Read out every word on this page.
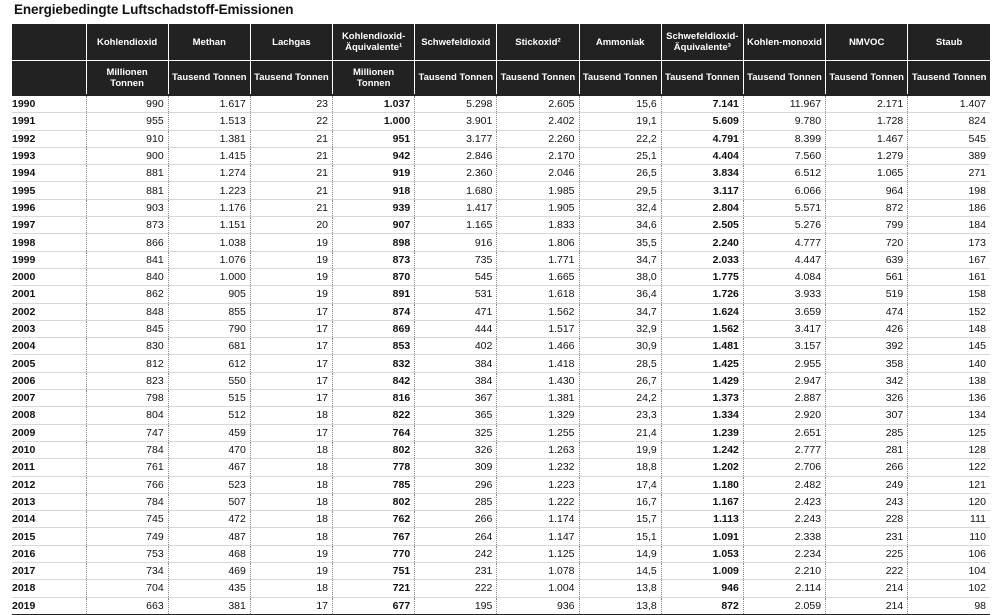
Energiebedingte Luftschadstoff-Emissionen
	Kohlendioxid	Methan	Lachgas	Kohlendioxid-Äquivalente¹	Schwefeldioxid	Stickoxid²	Ammoniak	Schwefeldioxid-Äquivalente³	Kohlen-monoxid	NMVOC	Staub
	Millionen Tonnen	Tausend Tonnen	Tausend Tonnen	Millionen Tonnen	Tausend Tonnen	Tausend Tonnen	Tausend Tonnen	Tausend Tonnen	Tausend Tonnen	Tausend Tonnen	Tausend Tonnen
1990	990	1.617	23	1.037	5.298	2.605	15,6	7.141	11.967	2.171	1.407
1991	955	1.513	22	1.000	3.901	2.402	19,1	5.609	9.780	1.728	824
1992	910	1.381	21	951	3.177	2.260	22,2	4.791	8.399	1.467	545
1993	900	1.415	21	942	2.846	2.170	25,1	4.404	7.560	1.279	389
1994	881	1.274	21	919	2.360	2.046	26,5	3.834	6.512	1.065	271
1995	881	1.223	21	918	1.680	1.985	29,5	3.117	6.066	964	198
1996	903	1.176	21	939	1.417	1.905	32,4	2.804	5.571	872	186
1997	873	1.151	20	907	1.165	1.833	34,6	2.505	5.276	799	184
1998	866	1.038	19	898	916	1.806	35,5	2.240	4.777	720	173
1999	841	1.076	19	873	735	1.771	34,7	2.033	4.447	639	167
2000	840	1.000	19	870	545	1.665	38,0	1.775	4.084	561	161
2001	862	905	19	891	531	1.618	36,4	1.726	3.933	519	158
2002	848	855	17	874	471	1.562	34,7	1.624	3.659	474	152
2003	845	790	17	869	444	1.517	32,9	1.562	3.417	426	148
2004	830	681	17	853	402	1.466	30,9	1.481	3.157	392	145
2005	812	612	17	832	384	1.418	28,5	1.425	2.955	358	140
2006	823	550	17	842	384	1.430	26,7	1.429	2.947	342	138
2007	798	515	17	816	367	1.381	24,2	1.373	2.887	326	136
2008	804	512	18	822	365	1.329	23,3	1.334	2.920	307	134
2009	747	459	17	764	325	1.255	21,4	1.239	2.651	285	125
2010	784	470	18	802	326	1.263	19,9	1.242	2.777	281	128
2011	761	467	18	778	309	1.232	18,8	1.202	2.706	266	122
2012	766	523	18	785	296	1.223	17,4	1.180	2.482	249	121
2013	784	507	18	802	285	1.222	16,7	1.167	2.423	243	120
2014	745	472	18	762	266	1.174	15,7	1.113	2.243	228	111
2015	749	487	18	767	264	1.147	15,1	1.091	2.338	231	110
2016	753	468	19	770	242	1.125	14,9	1.053	2.234	225	106
2017	734	469	19	751	231	1.078	14,5	1.009	2.210	222	104
2018	704	435	18	721	222	1.004	13,8	946	2.114	214	102
2019	663	381	17	677	195	936	13,8	872	2.059	214	98
